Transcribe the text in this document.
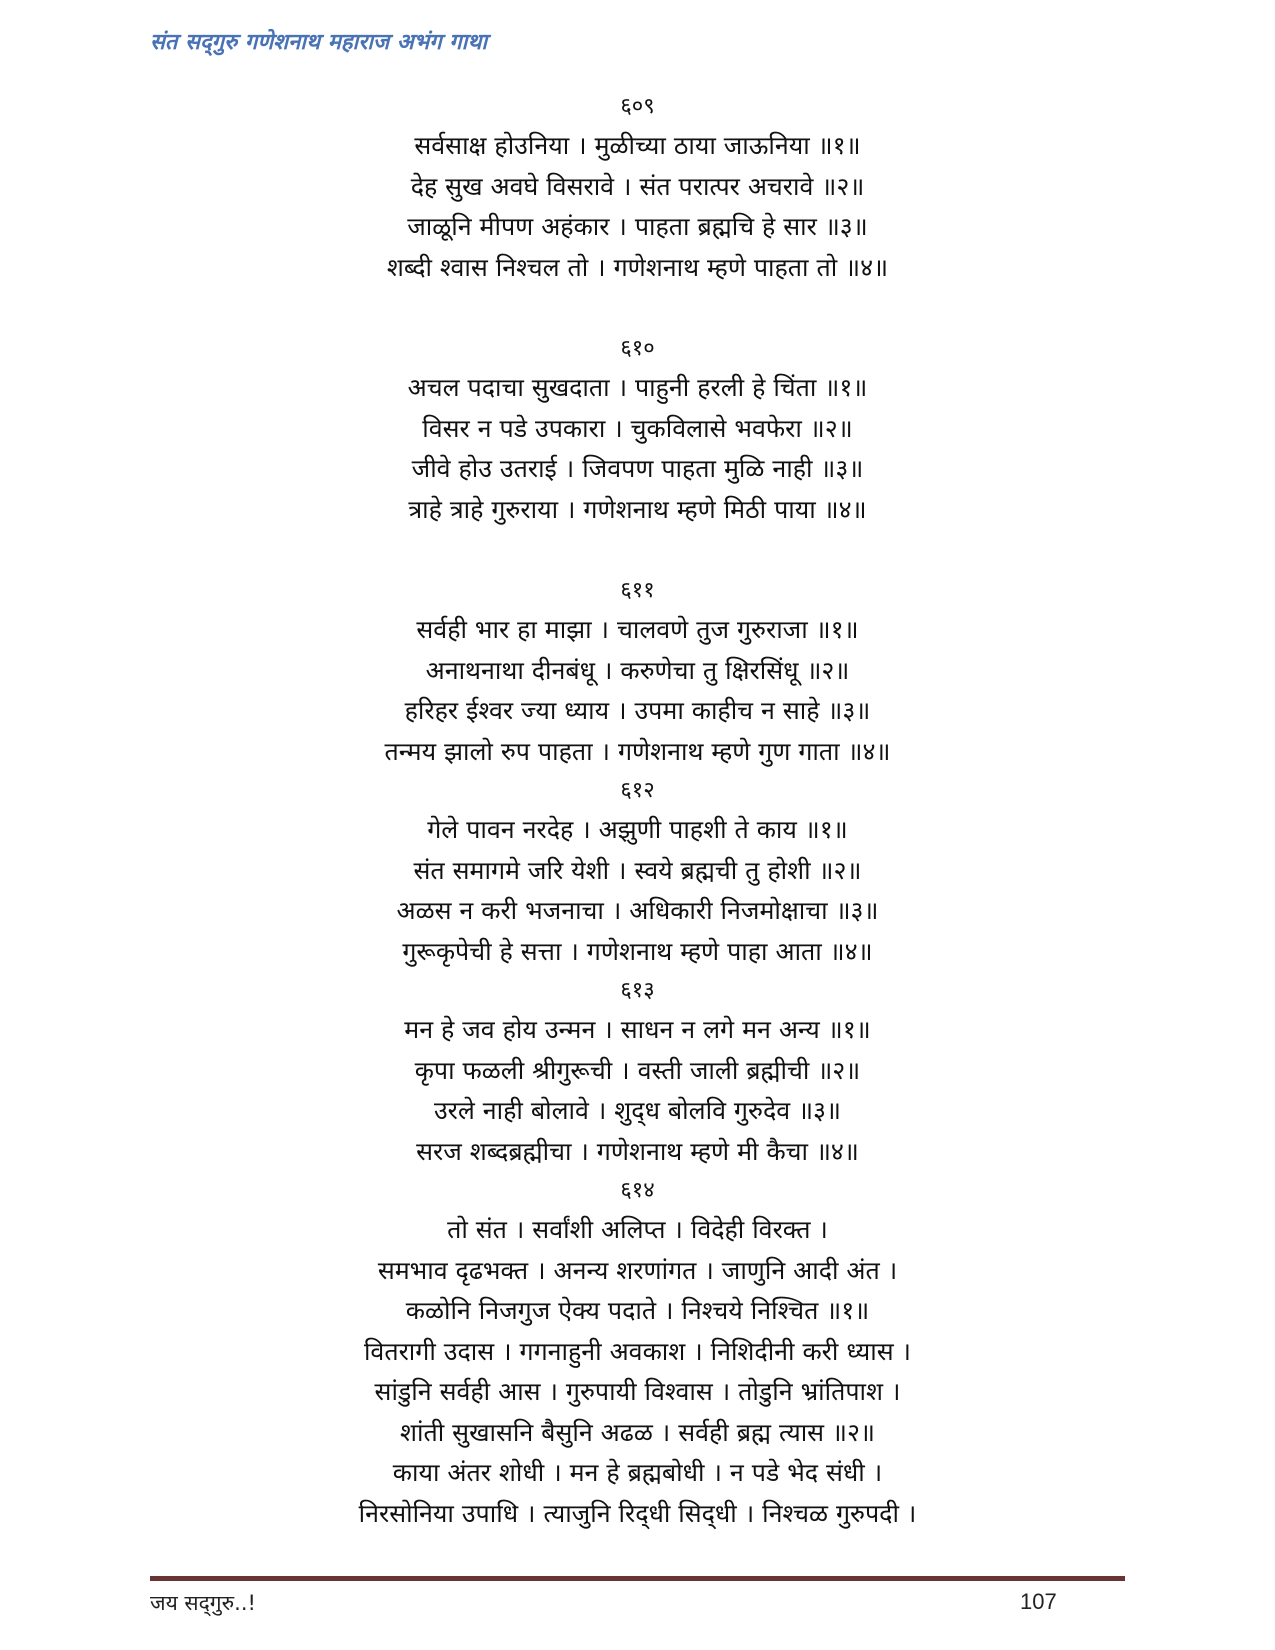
संत सद्‌गुरु गणेशनाथ महाराज अभंग गाथा
६०९
सर्वसाक्ष होउनिया । मुळीच्या ठाया जाऊनिया ॥१॥
देह सुख अवघे विसरावे । संत परात्पर अचरावे ॥२॥
जाळूनि मीपण अहंकार । पाहता ब्रह्मचि हे सार ॥३॥
शब्दी श्वास निश्चल तो । गणेशनाथ म्हणे पाहता तो ॥४॥
६१०
अचल पदाचा सुखदाता । पाहुनी हरली हे चिंता ॥१॥
विसर न पडे उपकारा । चुकविलासे भवफेरा ॥२॥
जीवे होउ उतराई । जिवपण पाहता मुळि नाही ॥३॥
त्राहे त्राहे गुरुराया । गणेशनाथ म्हणे मिठी पाया ॥४॥
६११
सर्वही भार हा माझा । चालवणे तुज गुरुराजा ॥१॥
अनाथनाथा दीनबंधू । करुणेचा तु क्षिरसिंधू ॥२॥
हरिहर ईश्वर ज्या ध्याय । उपमा काहीच न साहे ॥३॥
तन्मय झालो रुप पाहता । गणेशनाथ म्हणे गुण गाता ॥४॥
६१२
गेले पावन नरदेह । अझुणी पाहशी ते काय ॥१॥
संत समागमे जरि येशी । स्वये ब्रह्मची तु होशी ॥२॥
अळस न करी भजनाचा । अधिकारी निजमोक्षाचा ॥३॥
गुरूकृपेची हे सत्ता । गणेशनाथ म्हणे पाहा आता ॥४॥
६१३
मन हे जव होय उन्मन । साधन न लगे मन अन्य ॥१॥
कृपा फळली श्रीगुरूची । वस्ती जाली ब्रह्मीची ॥२॥
उरले नाही बोलावे । शुद्‌ध बोलवि गुरुदेव ॥३॥
सरज शब्दब्रह्मीचा । गणेशनाथ म्हणे मी कैचा ॥४॥
६१४
तो संत । सर्वांशी अलिप्त । विदेही विरक्त ।
समभाव दृढभक्त । अनन्य शरणांगत । जाणुनि आदी अंत ।
कळोनि निजगुज ऐक्य पदाते । निश्चये निश्चित ॥१॥
वितरागी उदास । गगनाहुनी अवकाश । निशिदीनी करी ध्यास ।
सांडुनि सर्वही आस । गुरुपायी विश्वास । तोडुनि भ्रांतिपाश ।
शांती सुखासनि बैसुनि अढळ । सर्वही ब्रह्म त्यास ॥२॥
काया अंतर शोधी । मन हे ब्रह्मबोधी । न पडे भेद संधी ।
निरसोनिया उपाधि । त्याजुनि रिद्‌धी सिद्‌धी । निश्चळ गुरुपदी ।
जय सद्‌गुरु..!	107
